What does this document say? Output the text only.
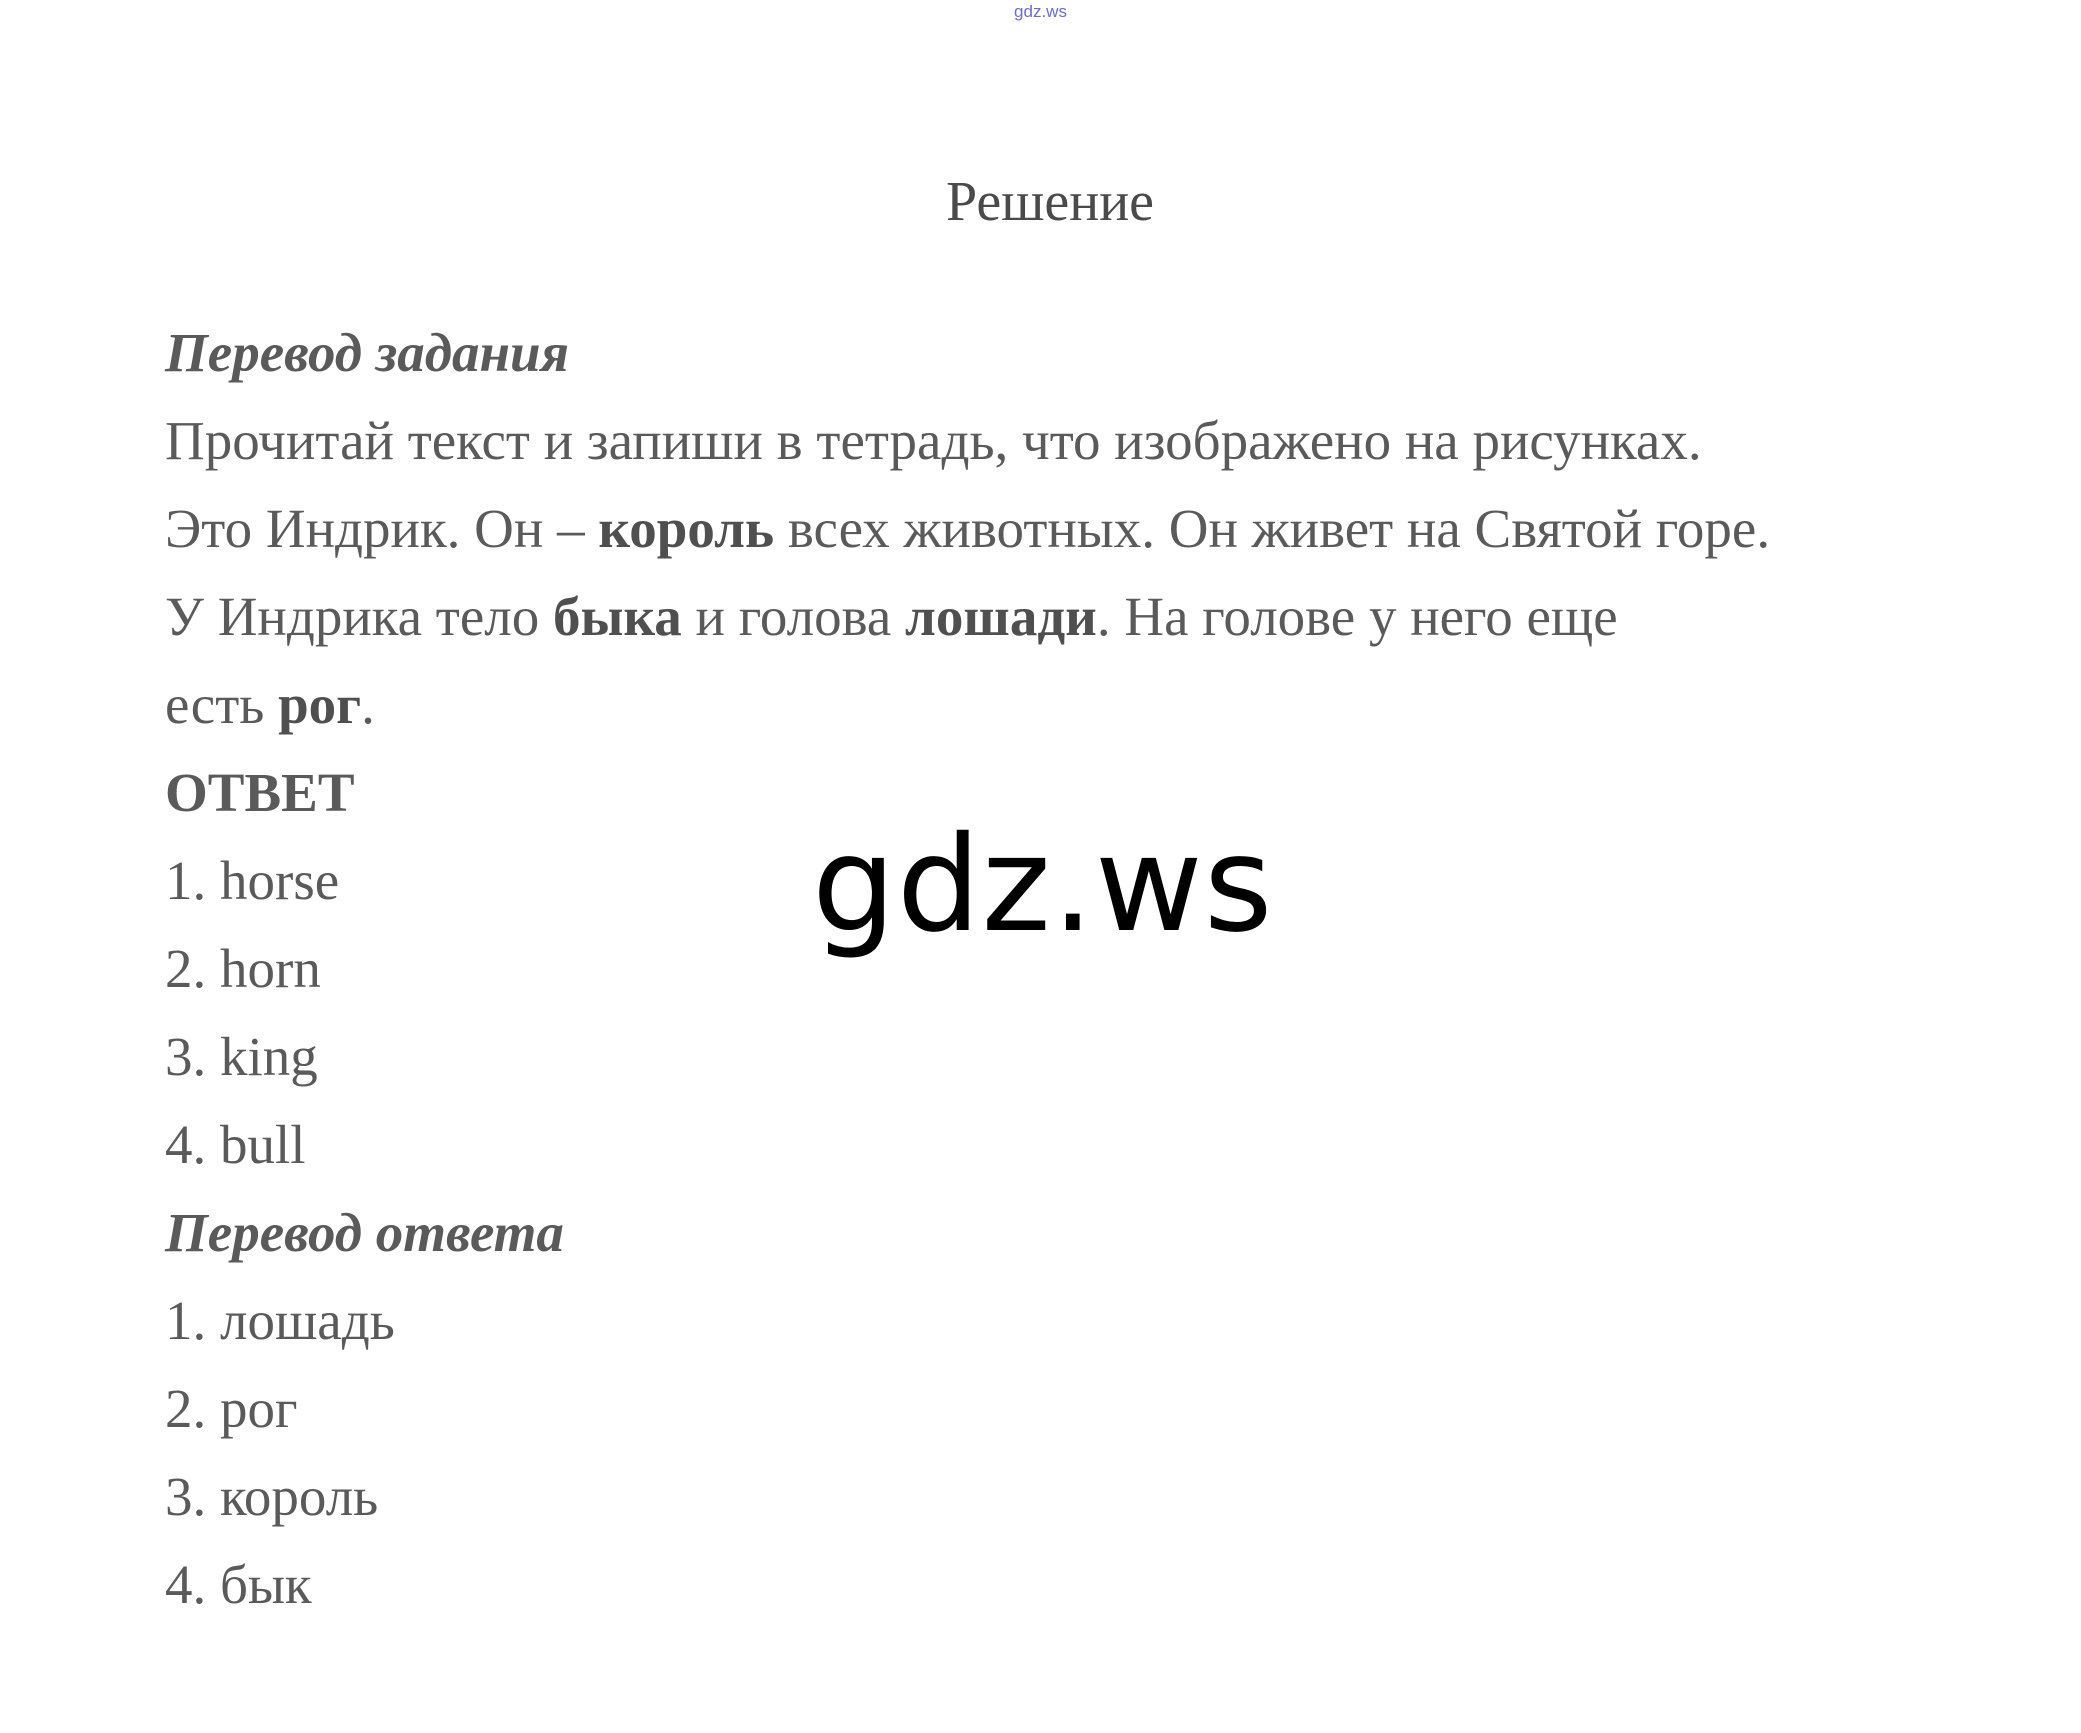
gdz.ws
Решение
Перевод задания
Прочитай текст и запиши в тетрадь, что изображено на рисунках.
Это Индрик. Он – король всех животных. Он живет на Святой горе.
У Индрика тело быка и голова лошади. На голове у него еще
есть рог.
ОТВЕТ
1. horse
2. horn
3. king
4. bull
Перевод ответа
1. лошадь
2. рог
3. король
4. бык
gdz.ws
